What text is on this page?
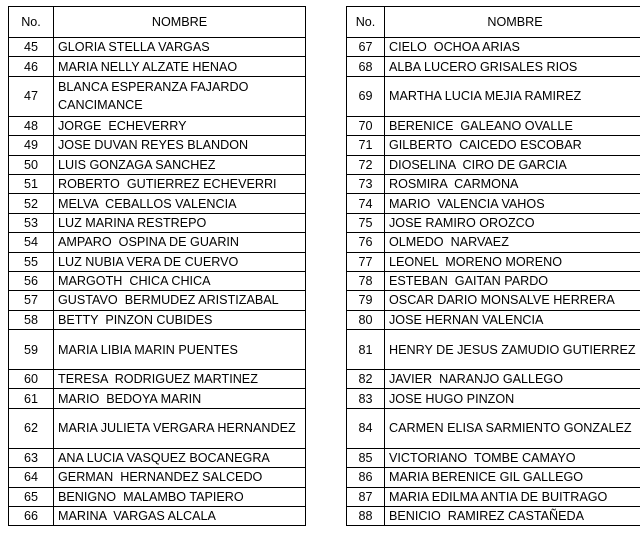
No.	NOMBRE
45	GLORIA STELLA VARGAS
46	MARIA NELLY ALZATE HENAO
47	BLANCA ESPERANZA FAJARDO CANCIMANCE
48	JORGE  ECHEVERRY
49	JOSE DUVAN REYES BLANDON
50	LUIS GONZAGA SANCHEZ
51	ROBERTO  GUTIERREZ ECHEVERRI
52	MELVA  CEBALLOS VALENCIA
53	LUZ MARINA RESTREPO
54	AMPARO  OSPINA DE GUARIN
55	LUZ NUBIA VERA DE CUERVO
56	MARGOTH  CHICA CHICA
57	GUSTAVO  BERMUDEZ ARISTIZABAL
58	BETTY  PINZON CUBIDES
59	MARIA LIBIA MARIN PUENTES
60	TERESA  RODRIGUEZ MARTINEZ
61	MARIO  BEDOYA MARIN
62	MARIA JULIETA VERGARA HERNANDEZ
63	ANA LUCIA VASQUEZ BOCANEGRA
64	GERMAN  HERNANDEZ SALCEDO
65	BENIGNO  MALAMBO TAPIERO
66	MARINA  VARGAS ALCALA
No.	NOMBRE
67	CIELO  OCHOA ARIAS
68	ALBA LUCERO GRISALES RIOS
69	MARTHA LUCIA MEJIA RAMIREZ
70	BERENICE  GALEANO OVALLE
71	GILBERTO  CAICEDO ESCOBAR
72	DIOSELINA  CIRO DE GARCIA
73	ROSMIRA  CARMONA
74	MARIO  VALENCIA VAHOS
75	JOSE RAMIRO OROZCO
76	OLMEDO  NARVAEZ
77	LEONEL  MORENO MORENO
78	ESTEBAN  GAITAN PARDO
79	OSCAR DARIO MONSALVE HERRERA
80	JOSE HERNAN VALENCIA
81	HENRY DE JESUS ZAMUDIO GUTIERREZ
82	JAVIER  NARANJO GALLEGO
83	JOSE HUGO PINZON
84	CARMEN ELISA SARMIENTO GONZALEZ
85	VICTORIANO  TOMBE CAMAYO
86	MARIA BERENICE GIL GALLEGO
87	MARIA EDILMA ANTIA DE BUITRAGO
88	BENICIO  RAMIREZ CASTAÑEDA
